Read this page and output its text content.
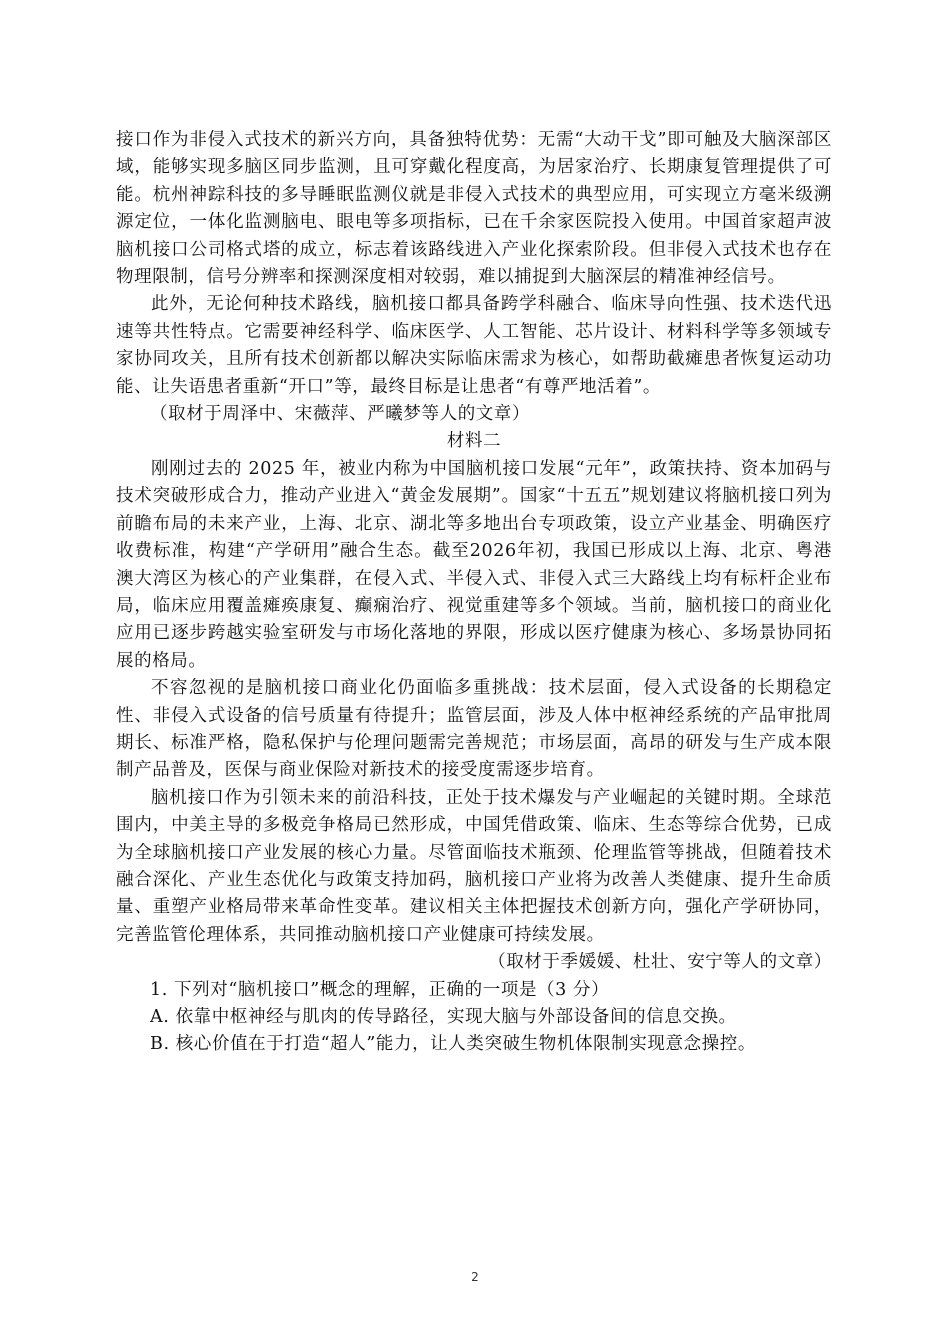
接口作为非侵入式技术的新兴方向，具备独特优势：无需“大动干戈”即可触及大脑深部区域，能够实现多脑区同步监测，且可穿戴化程度高，为居家治疗、长期康复管理提供了可能。杭州神踪科技的多导睡眠监测仪就是非侵入式技术的典型应用，可实现立方毫米级溯源定位，一体化监测脑电、眼电等多项指标，已在千余家医院投入使用。中国首家超声波脑机接口公司格式塔的成立，标志着该路线进入产业化探索阶段。但非侵入式技术也存在物理限制，信号分辨率和探测深度相对较弱，难以捕捉到大脑深层的精准神经信号。

此外，无论何种技术路线，脑机接口都具备跨学科融合、临床导向性强、技术迭代迅速等共性特点。它需要神经科学、临床医学、人工智能、芯片设计、材料科学等多领域专家协同攻关，且所有技术创新都以解决实际临床需求为核心，如帮助截瘫患者恢复运动功能、让失语患者重新“开口”等，最终目标是让患者“有尊严地活着”。

（取材于周泽中、宋薇萍、严曦梦等人的文章）

材料二

刚刚过去的 2025 年，被业内称为中国脑机接口发展“元年”，政策扶持、资本加码与技术突破形成合力，推动产业进入“黄金发展期”。国家“十五五”规划建议将脑机接口列为前瞻布局的未来产业，上海、北京、湖北等多地出台专项政策，设立产业基金、明确医疗收费标准，构建“产学研用”融合生态。截至2026年初，我国已形成以上海、北京、粤港澳大湾区为核心的产业集群，在侵入式、半侵入式、非侵入式三大路线上均有标杆企业布局，临床应用覆盖瘫痪康复、癫痫治疗、视觉重建等多个领域。当前，脑机接口的商业化应用已逐步跨越实验室研发与市场化落地的界限，形成以医疗健康为核心、多场景协同拓展的格局。

不容忽视的是脑机接口商业化仍面临多重挑战：技术层面，侵入式设备的长期稳定性、非侵入式设备的信号质量有待提升；监管层面，涉及人体中枢神经系统的产品审批周期长、标准严格，隐私保护与伦理问题需完善规范；市场层面，高昂的研发与生产成本限制产品普及，医保与商业保险对新技术的接受度需逐步培育。

脑机接口作为引领未来的前沿科技，正处于技术爆发与产业崛起的关键时期。全球范围内，中美主导的多极竞争格局已然形成，中国凭借政策、临床、生态等综合优势，已成为全球脑机接口产业发展的核心力量。尽管面临技术瓶颈、伦理监管等挑战，但随着技术融合深化、产业生态优化与政策支持加码，脑机接口产业将为改善人类健康、提升生命质量、重塑产业格局带来革命性变革。建议相关主体把握技术创新方向，强化产学研协同，完善监管伦理体系，共同推动脑机接口产业健康可持续发展。

（取材于季媛媛、杜壮、安宁等人的文章）

1. 下列对“脑机接口”概念的理解，正确的一项是（3 分）

A. 依靠中枢神经与肌肉的传导路径，实现大脑与外部设备间的信息交换。

B. 核心价值在于打造“超人”能力，让人类突破生物机体限制实现意念操控。

2
